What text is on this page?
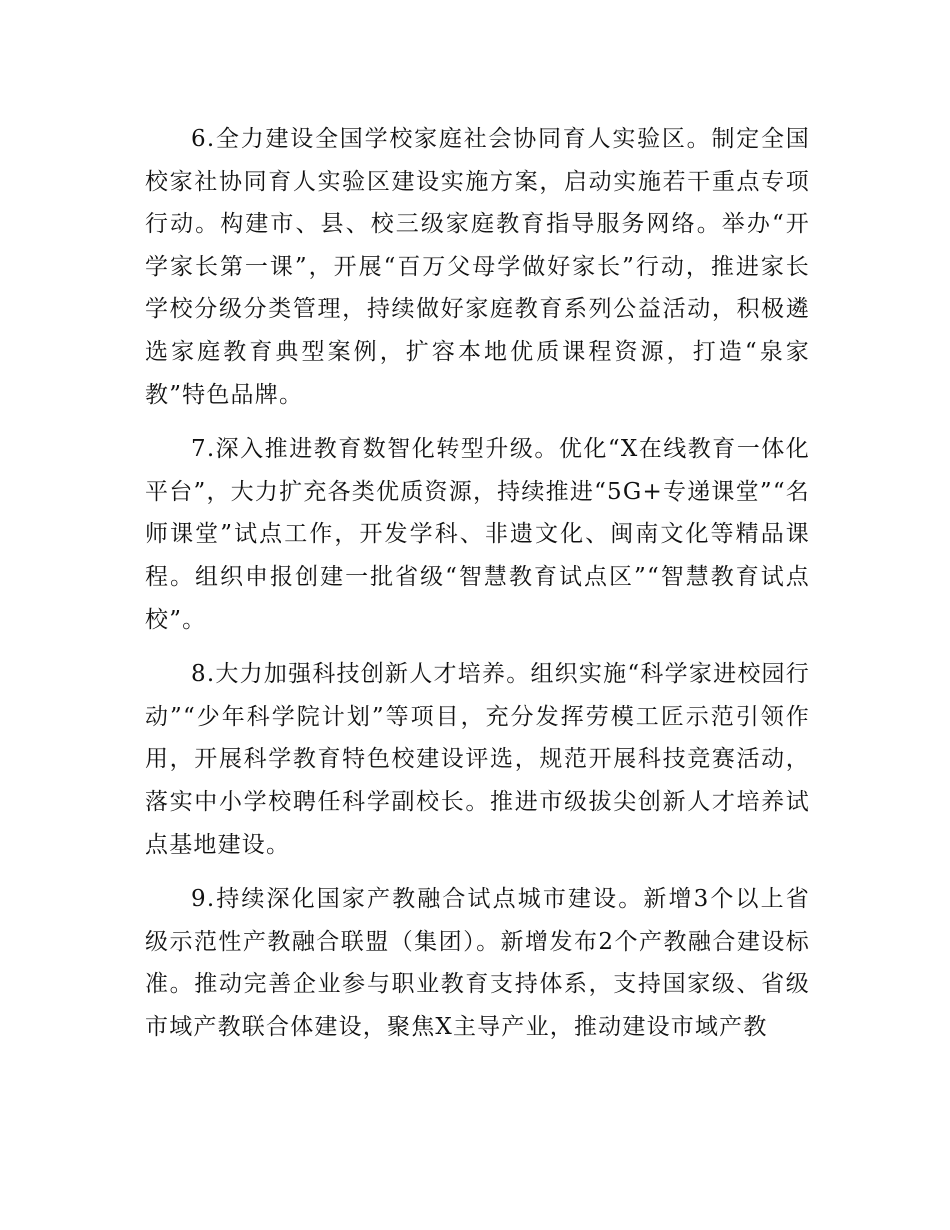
6.全力建设全国学校家庭社会协同育人实验区。制定全国校家社协同育人实验区建设实施方案，启动实施若干重点专项行动。构建市、县、校三级家庭教育指导服务网络。举办“开学家长第一课”，开展“百万父母学做好家长”行动，推进家长学校分级分类管理，持续做好家庭教育系列公益活动，积极遴选家庭教育典型案例，扩容本地优质课程资源，打造“泉家教”特色品牌。

7.深入推进教育数智化转型升级。优化“X在线教育一体化平台”，大力扩充各类优质资源，持续推进“5G+专递课堂”“名师课堂”试点工作，开发学科、非遗文化、闽南文化等精品课程。组织申报创建一批省级“智慧教育试点区”“智慧教育试点校”。

8.大力加强科技创新人才培养。组织实施“科学家进校园行动”“少年科学院计划”等项目，充分发挥劳模工匠示范引领作用，开展科学教育特色校建设评选，规范开展科技竞赛活动，落实中小学校聘任科学副校长。推进市级拔尖创新人才培养试点基地建设。

9.持续深化国家产教融合试点城市建设。新增3个以上省级示范性产教融合联盟（集团）。新增发布2个产教融合建设标准。推动完善企业参与职业教育支持体系，支持国家级、省级市域产教联合体建设，聚焦X主导产业，推动建设市域产教
